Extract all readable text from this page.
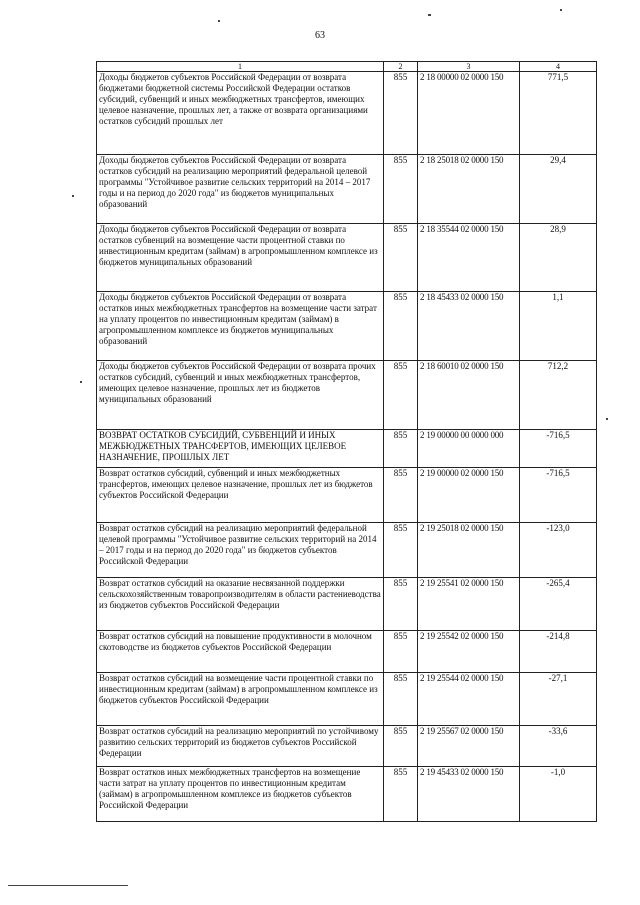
63
1	2	3	4
Доходы бюджетов субъектов Российской Федерации от возврата бюджетами бюджетной системы Российской Федерации остатков субсидий, субвенций и иных межбюджетных трансфертов, имеющих целевое назначение, прошлых лет, а также от возврата организациями остатков субсидий прошлых лет	855	2 18 00000 02 0000 150	771,5
Доходы бюджетов субъектов Российской Федерации от возврата остатков субсидий на реализацию мероприятий федеральной целевой программы "Устойчивое развитие сельских территорий на 2014 – 2017 годы и на период до 2020 года" из бюджетов муниципальных образований	855	2 18 25018 02 0000 150	29,4
Доходы бюджетов субъектов Российской Федерации от возврата остатков субвенций на возмещение части процентной ставки по инвестиционным кредитам (займам) в агропромышленном комплексе из бюджетов муниципальных образований	855	2 18 35544 02 0000 150	28,9
Доходы бюджетов субъектов Российской Федерации от возврата остатков иных межбюджетных трансфертов на возмещение части затрат на уплату процентов по инвестиционным кредитам (займам) в агропромышленном комплексе из бюджетов муниципальных образований	855	2 18 45433 02 0000 150	1,1
Доходы бюджетов субъектов Российской Федерации от возврата прочих остатков субсидий, субвенций и иных межбюджетных трансфертов, имеющих целевое назначение, прошлых лет из бюджетов муниципальных образований	855	2 18 60010 02 0000 150	712,2
ВОЗВРАТ ОСТАТКОВ СУБСИДИЙ, СУБВЕНЦИЙ И ИНЫХ МЕЖБЮДЖЕТНЫХ ТРАНСФЕРТОВ, ИМЕЮЩИХ ЦЕЛЕВОЕ НАЗНАЧЕНИЕ, ПРОШЛЫХ ЛЕТ	855	2 19 00000 00 0000 000	-716,5
Возврат остатков субсидий, субвенций и иных межбюджетных трансфертов, имеющих целевое назначение, прошлых лет из бюджетов субъектов Российской Федерации	855	2 19 00000 02 0000 150	-716,5
Возврат остатков субсидий на реализацию мероприятий федеральной целевой программы "Устойчивое развитие сельских территорий на 2014 – 2017 годы и на период до 2020 года" из бюджетов субъектов Российской Федерации	855	2 19 25018 02 0000 150	-123,0
Возврат остатков субсидий на оказание несвязанной поддержки сельскохозяйственным товаропроизводителям в области растениеводства из бюджетов субъектов Российской Федерации	855	2 19 25541 02 0000 150	-265,4
Возврат остатков субсидий на повышение продуктивности в молочном скотоводстве из бюджетов субъектов Российской Федерации	855	2 19 25542 02 0000 150	-214,8
Возврат остатков субсидий на возмещение части процентной ставки по инвестиционным кредитам (займам) в агропромышленном комплексе из бюджетов субъектов Российской Федерации	855	2 19 25544 02 0000 150	-27,1
Возврат остатков субсидий на реализацию мероприятий по устойчивому развитию сельских территорий из бюджетов субъектов Российской Федерации	855	2 19 25567 02 0000 150	-33,6
Возврат остатков иных межбюджетных трансфертов на возмещение части затрат на уплату процентов по инвестиционным кредитам (займам) в агропромышленном комплексе из бюджетов субъектов Российской Федерации	855	2 19 45433 02 0000 150	-1,0
